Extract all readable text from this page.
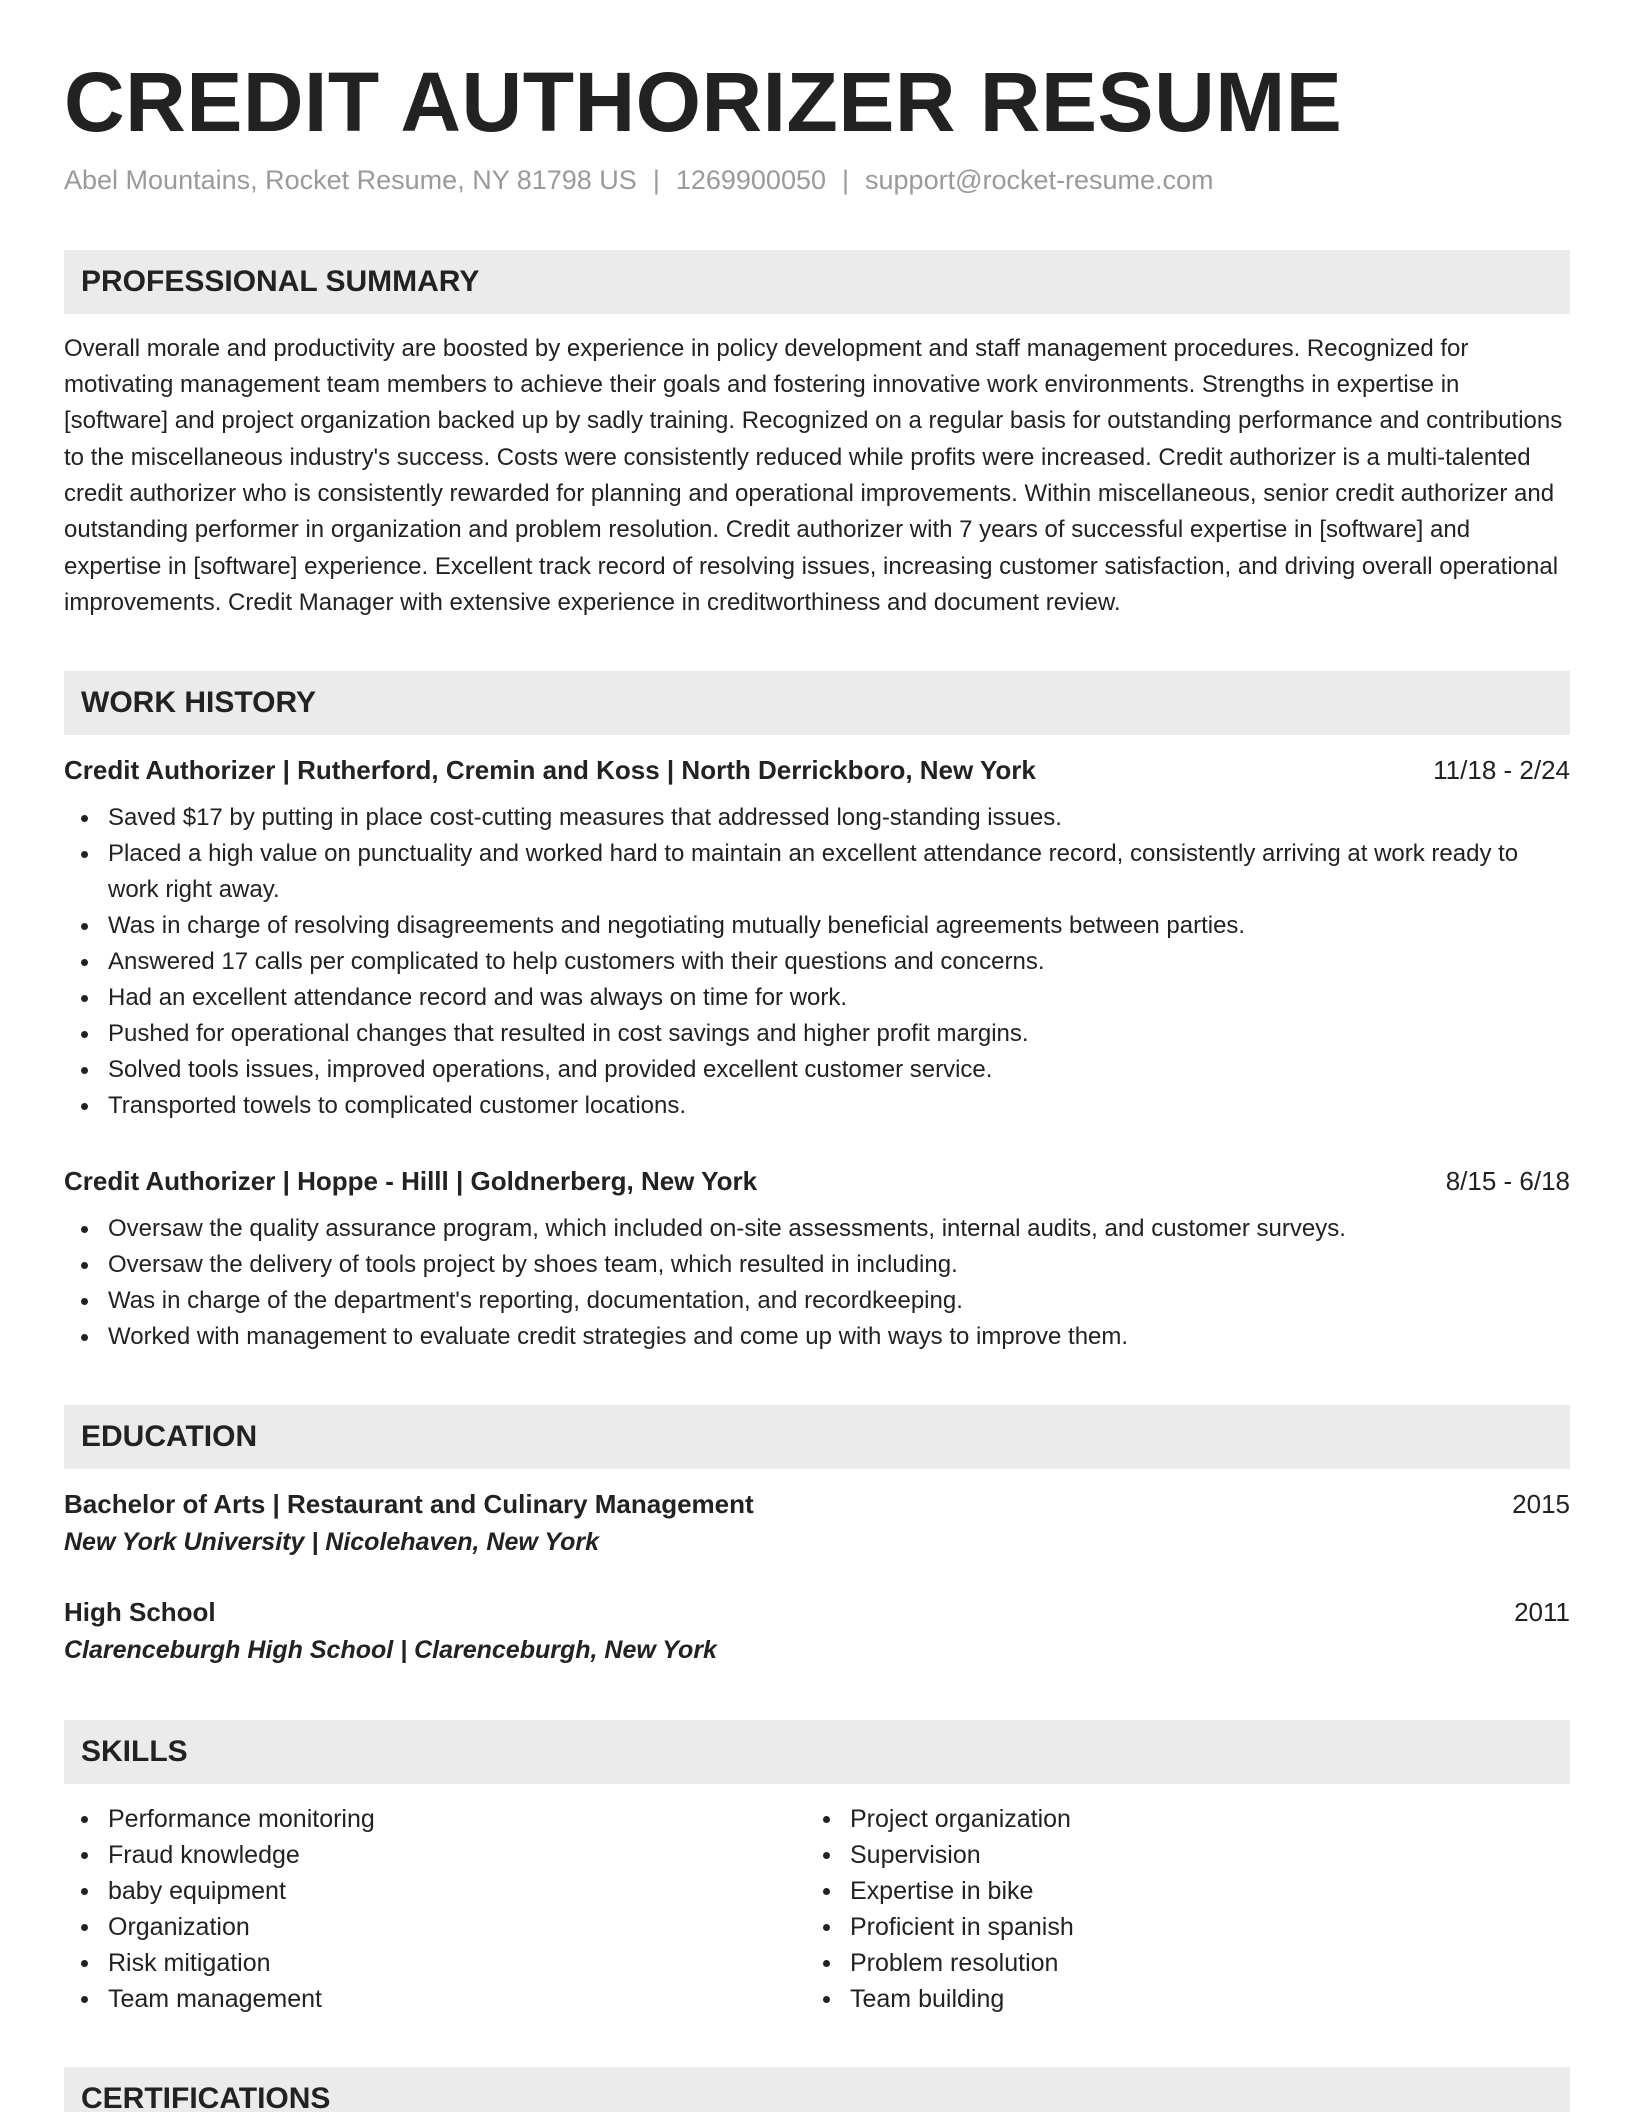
CREDIT AUTHORIZER RESUME
Abel Mountains, Rocket Resume, NY 81798 US | 1269900050 | support@rocket-resume.com
PROFESSIONAL SUMMARY

Overall morale and productivity are boosted by experience in policy development and staff management procedures. Recognized for motivating management team members to achieve their goals and fostering innovative work environments. Strengths in expertise in [software] and project organization backed up by sadly training. Recognized on a regular basis for outstanding performance and contributions to the miscellaneous industry's success. Costs were consistently reduced while profits were increased. Credit authorizer is a multi-talented credit authorizer who is consistently rewarded for planning and operational improvements. Within miscellaneous, senior credit authorizer and outstanding performer in organization and problem resolution. Credit authorizer with 7 years of successful expertise in [software] and expertise in [software] experience. Excellent track record of resolving issues, increasing customer satisfaction, and driving overall operational improvements. Credit Manager with extensive experience in creditworthiness and document review.

WORK HISTORY
Credit Authorizer | Rutherford, Cremin and Koss | North Derrickboro, New York	11/18 - 2/24
Saved $17 by putting in place cost-cutting measures that addressed long-standing issues.
Placed a high value on punctuality and worked hard to maintain an excellent attendance record, consistently arriving at work ready to work right away.
Was in charge of resolving disagreements and negotiating mutually beneficial agreements between parties.
Answered 17 calls per complicated to help customers with their questions and concerns.
Had an excellent attendance record and was always on time for work.
Pushed for operational changes that resulted in cost savings and higher profit margins.
Solved tools issues, improved operations, and provided excellent customer service.
Transported towels to complicated customer locations.
Credit Authorizer | Hoppe - Hilll | Goldnerberg, New York	8/15 - 6/18
Oversaw the quality assurance program, which included on-site assessments, internal audits, and customer surveys.
Oversaw the delivery of tools project by shoes team, which resulted in including.
Was in charge of the department's reporting, documentation, and recordkeeping.
Worked with management to evaluate credit strategies and come up with ways to improve them.
EDUCATION
Bachelor of Arts | Restaurant and Culinary Management	2015
New York University | Nicolehaven, New York
High School	2011
Clarenceburgh High School | Clarenceburgh, New York
SKILLS
Performance monitoring
Fraud knowledge
baby equipment
Organization
Risk mitigation
Team management
Project organization
Supervision
Expertise in bike
Proficient in spanish
Problem resolution
Team building
CERTIFICATIONS
